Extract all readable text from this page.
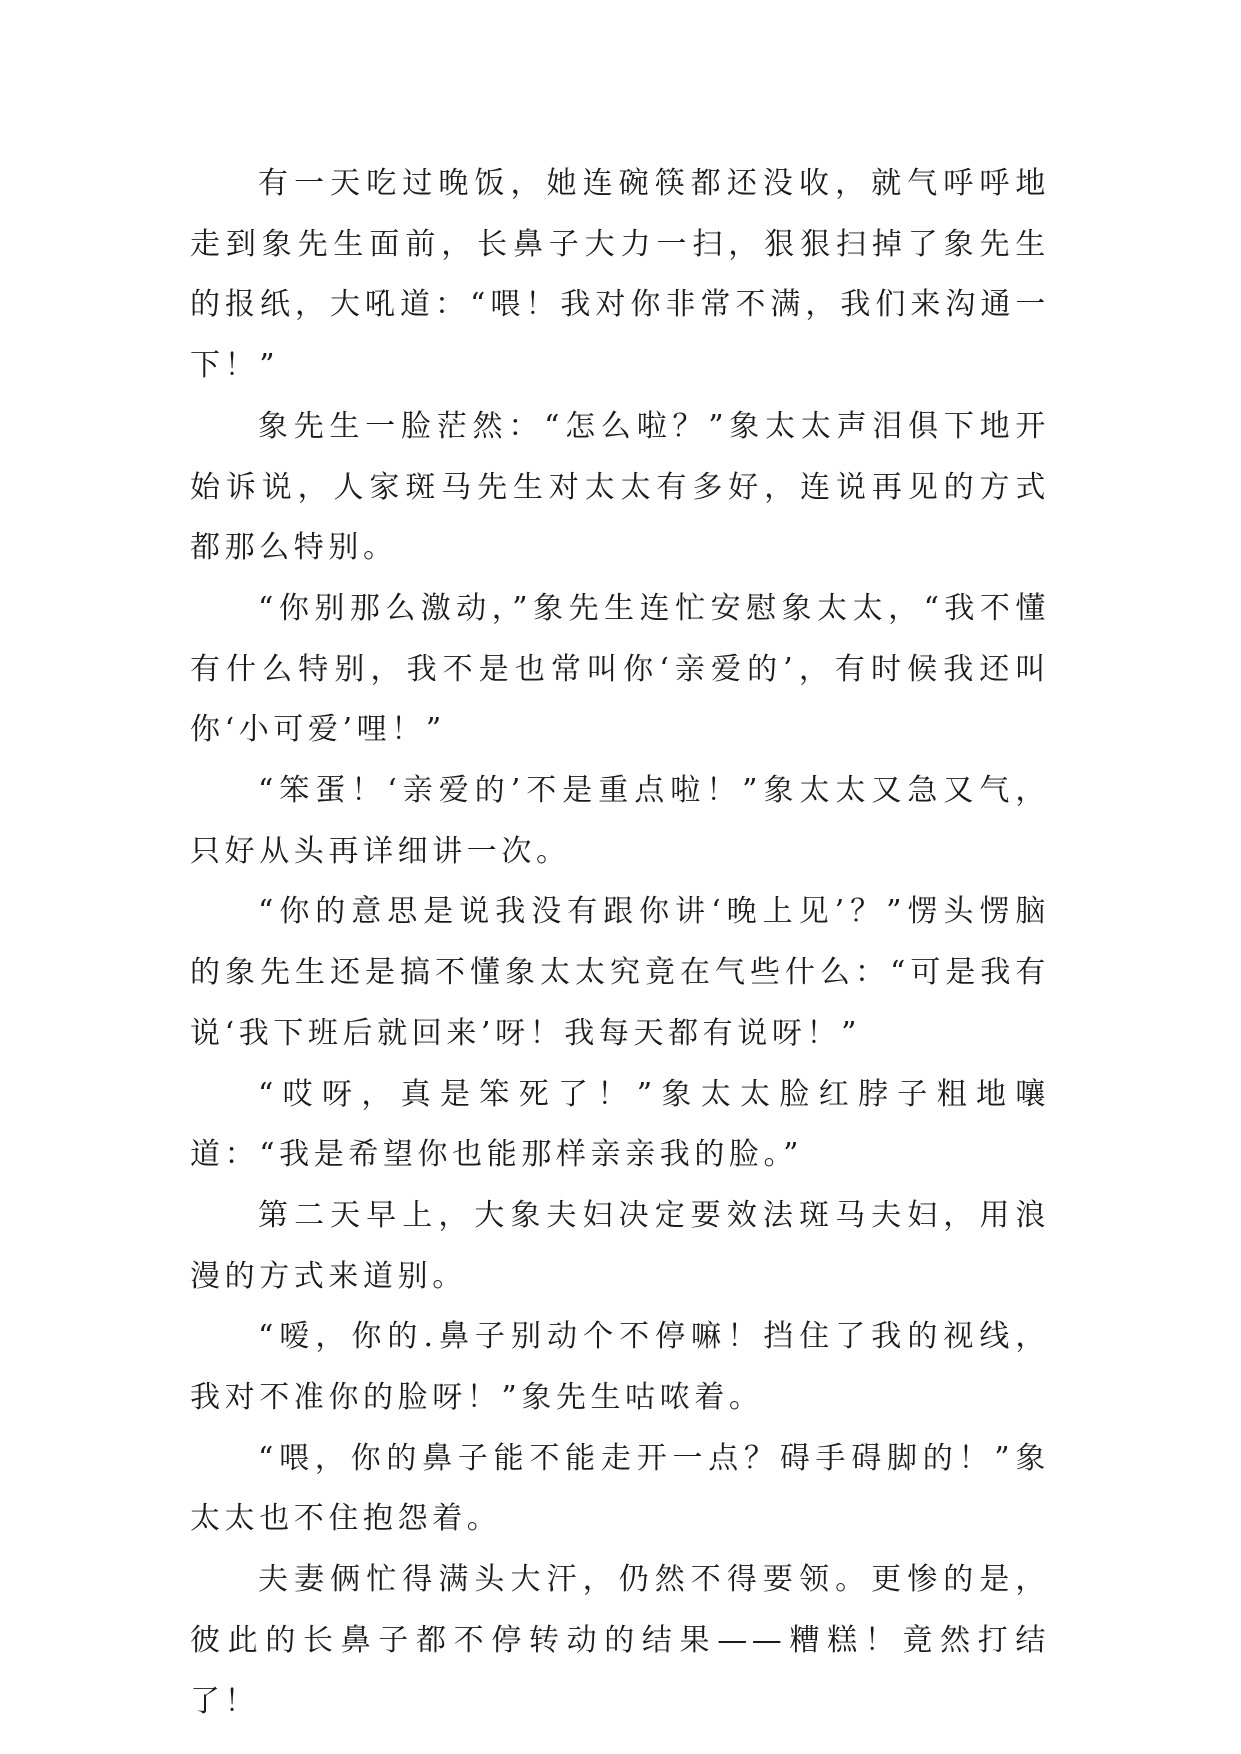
有一天吃过晚饭，她连碗筷都还没收，就气呼呼地走到象先生面前，长鼻子大力一扫，狠狠扫掉了象先生的报纸，大吼道：“喂！我对你非常不满，我们来沟通一下！”

象先生一脸茫然：“怎么啦？”象太太声泪俱下地开始诉说，人家斑马先生对太太有多好，连说再见的方式都那么特别。

“你别那么激动，”象先生连忙安慰象太太，“我不懂有什么特别，我不是也常叫你‘亲爱的’，有时候我还叫你‘小可爱’哩！”

“笨蛋！‘亲爱的’不是重点啦！”象太太又急又气，只好从头再详细讲一次。

“你的意思是说我没有跟你讲‘晚上见’？”愣头愣脑的象先生还是搞不懂象太太究竟在气些什么：“可是我有说‘我下班后就回来’呀！我每天都有说呀！”

“哎呀，真是笨死了！”象太太脸红脖子粗地嚷道：“我是希望你也能那样亲亲我的脸。”

第二天早上，大象夫妇决定要效法斑马夫妇，用浪漫的方式来道别。

“嗳，你的.鼻子别动个不停嘛！挡住了我的视线，我对不准你的脸呀！”象先生咕哝着。

“喂，你的鼻子能不能走开一点？碍手碍脚的！”象太太也不住抱怨着。

夫妻俩忙得满头大汗，仍然不得要领。更惨的是，彼此的长鼻子都不停转动的结果——糟糕！竟然打结了！
